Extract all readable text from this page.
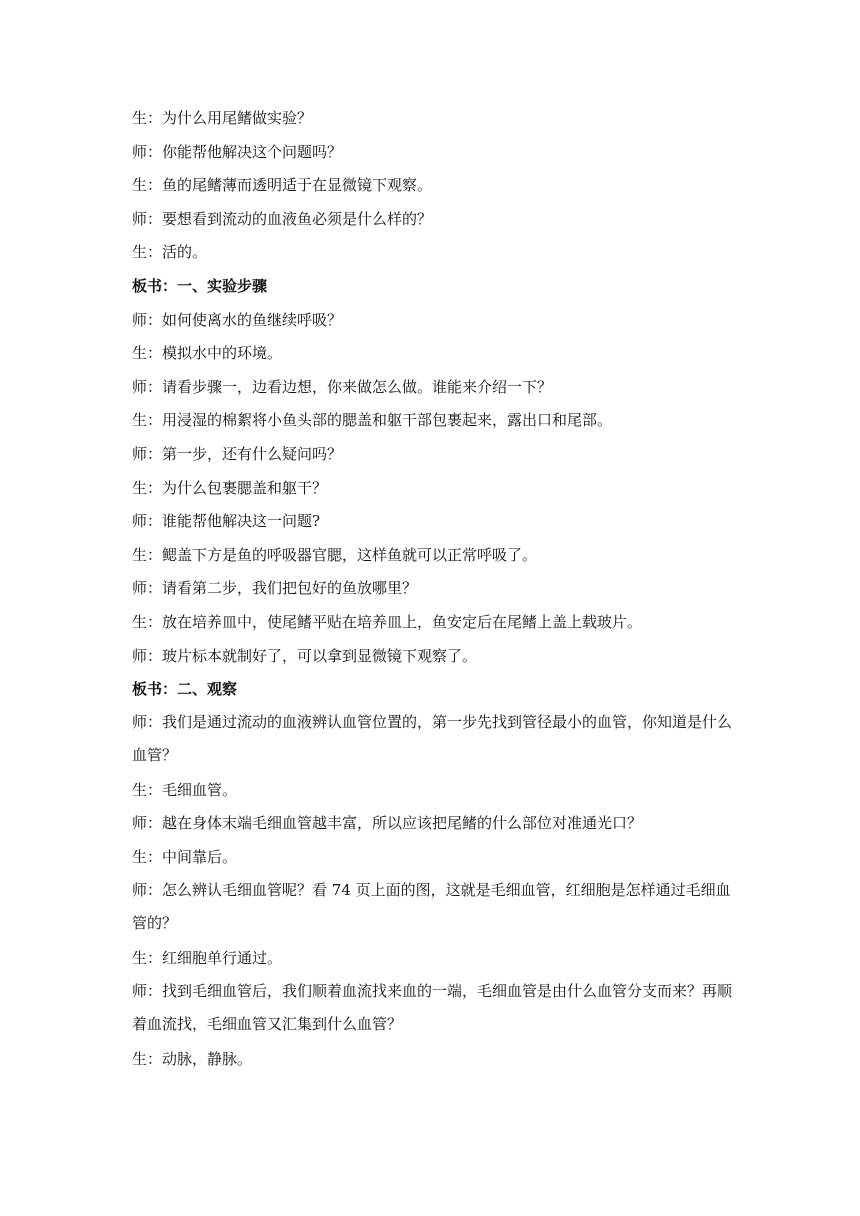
生：为什么用尾鳍做实验？
师：你能帮他解决这个问题吗？
生：鱼的尾鳍薄而透明适于在显微镜下观察。
师：要想看到流动的血液鱼必须是什么样的？
生：活的。
板书：一、实验步骤
师：如何使离水的鱼继续呼吸？
生：模拟水中的环境。
师：请看步骤一，边看边想，你来做怎么做。谁能来介绍一下？
生：用浸湿的棉絮将小鱼头部的腮盖和躯干部包裹起来，露出口和尾部。
师：第一步，还有什么疑问吗？
生：为什么包裹腮盖和躯干？
师：谁能帮他解决这一问题?
生：鳃盖下方是鱼的呼吸器官腮，这样鱼就可以正常呼吸了。
师：请看第二步，我们把包好的鱼放哪里？
生：放在培养皿中，使尾鳍平贴在培养皿上，鱼安定后在尾鳍上盖上载玻片。
师：玻片标本就制好了，可以拿到显微镜下观察了。
板书：二、观察
师：我们是通过流动的血液辨认血管位置的，第一步先找到管径最小的血管，你知道是什么血管？
生：毛细血管。
师：越在身体末端毛细血管越丰富，所以应该把尾鳍的什么部位对准通光口？
生：中间靠后。
师：怎么辨认毛细血管呢？看 74 页上面的图，这就是毛细血管，红细胞是怎样通过毛细血管的？
生：红细胞单行通过。
师：找到毛细血管后，我们顺着血流找来血的一端，毛细血管是由什么血管分支而来？再顺着血流找，毛细血管又汇集到什么血管？
生：动脉，静脉。
